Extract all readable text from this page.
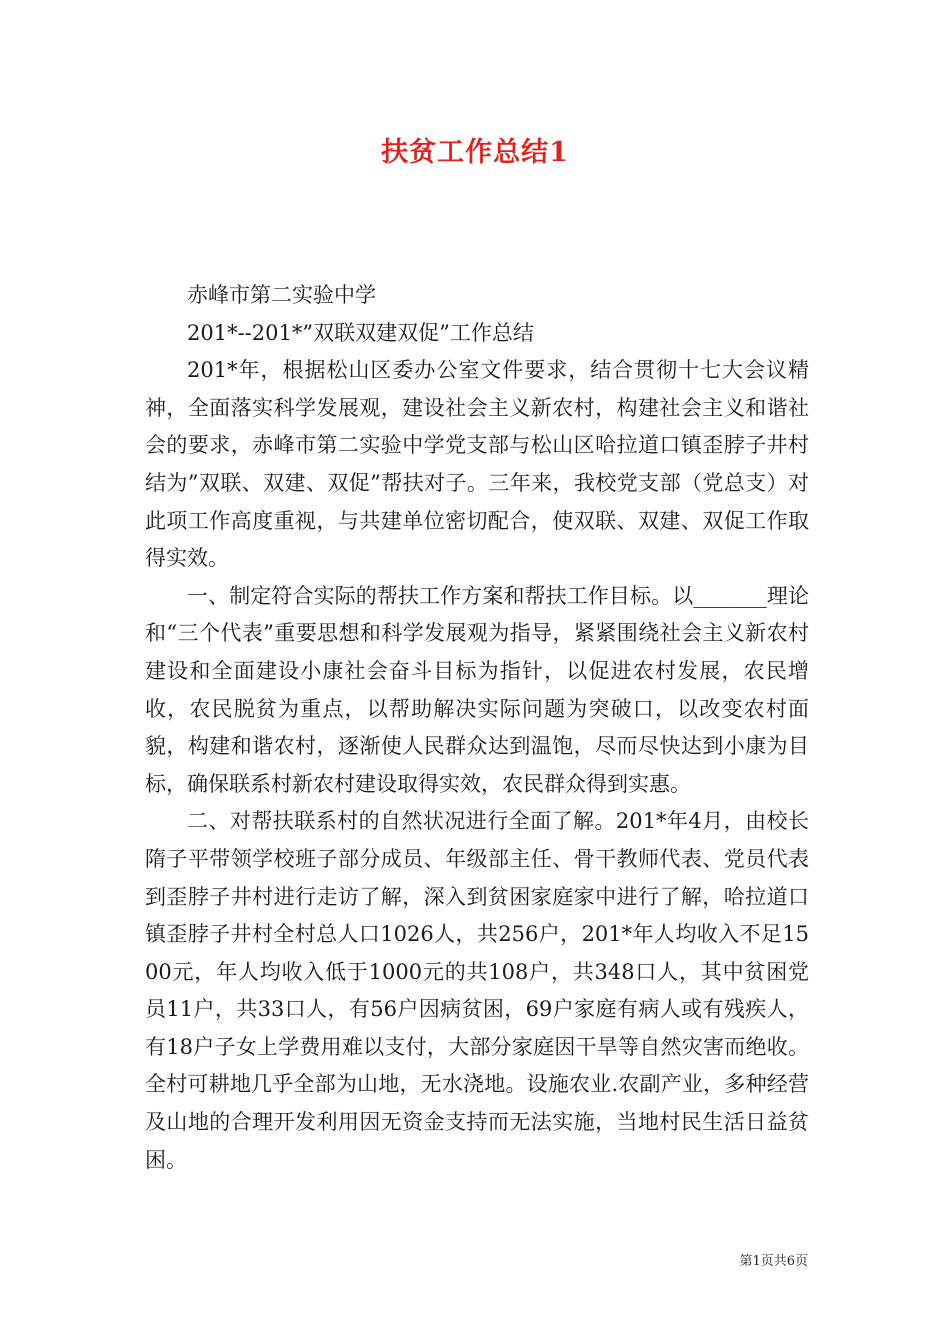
扶贫工作总结1

赤峰市第二实验中学

201*--201*”双联双建双促”工作总结

201*年，根据松山区委办公室文件要求，结合贯彻十七大会议精神，全面落实科学发展观，建设社会主义新农村，构建社会主义和谐社会的要求，赤峰市第二实验中学党支部与松山区哈拉道口镇歪脖子井村结为”双联、双建、双促”帮扶对子。三年来，我校党支部（党总支）对此项工作高度重视，与共建单位密切配合，使双联、双建、双促工作取得实效。

一、制定符合实际的帮扶工作方案和帮扶工作目标。以_______理论和“三个代表”重要思想和科学发展观为指导，紧紧围绕社会主义新农村建设和全面建设小康社会奋斗目标为指针，以促进农村发展，农民增收，农民脱贫为重点，以帮助解决实际问题为突破口，以改变农村面貌，构建和谐农村，逐渐使人民群众达到温饱，尽而尽快达到小康为目标，确保联系村新农村建设取得实效，农民群众得到实惠。

二、对帮扶联系村的自然状况进行全面了解。201*年4月，由校长隋子平带领学校班子部分成员、年级部主任、骨干教师代表、党员代表到歪脖子井村进行走访了解，深入到贫困家庭家中进行了解，哈拉道口镇歪脖子井村全村总人口1026人，共256户，201*年人均收入不足1500元，年人均收入低于1000元的共108户，共348口人，其中贫困党员11户，共33口人，有56户因病贫困，69户家庭有病人或有残疾人，有18户子女上学费用难以支付，大部分家庭因干旱等自然灾害而绝收。全村可耕地几乎全部为山地，无水浇地。设施农业.农副产业，多种经营及山地的合理开发利用因无资金支持而无法实施，当地村民生活日益贫困。

第1页共6页
